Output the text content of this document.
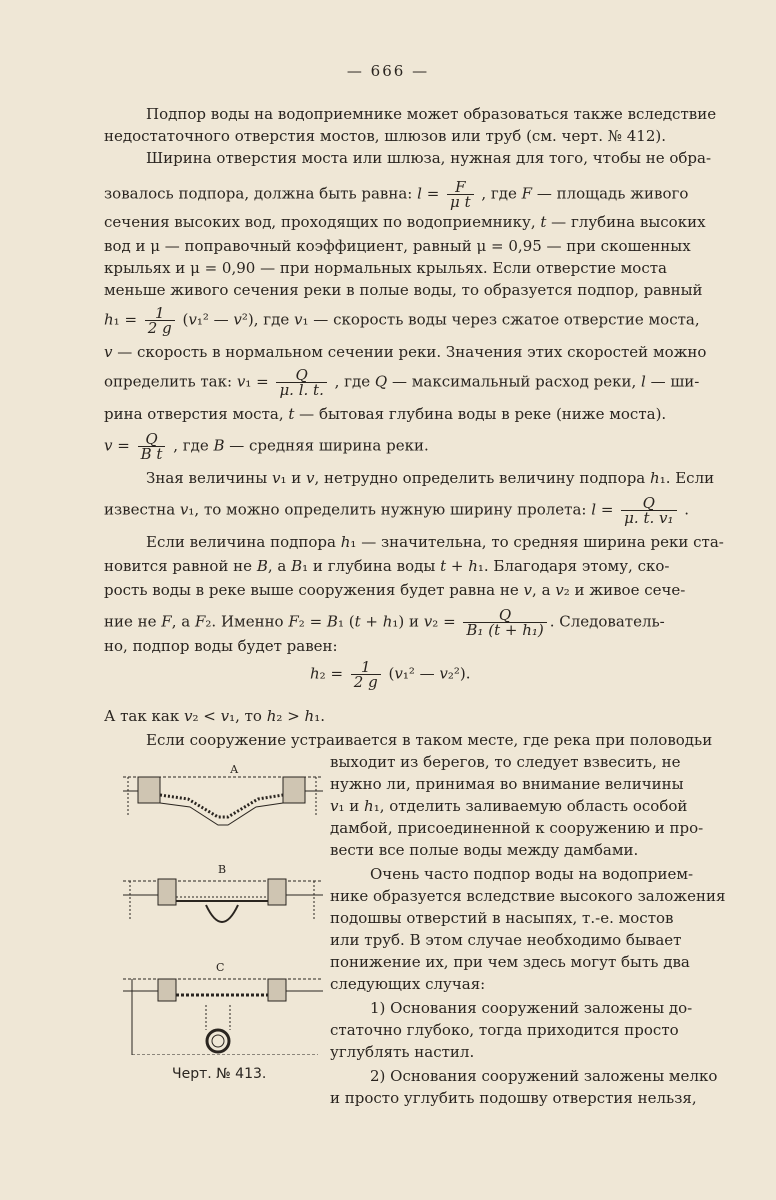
— 666 —
Подпор воды на водоприемнике может образоваться также вследствие
недостаточного отверстия мостов, шлюзов или труб (см. черт. № 412).
Ширина отверстия моста или шлюза, нужная для того, чтобы не обра-
зовалось подпора, должна быть равна: $l = \frac{F}{\text{μ t}}$ , где F — площадь живого
сечения высоких вод, проходящих по водоприемнику, t — глубина высоких
вод и μ — поправочный коэффициент, равный μ = 0,95 — при скошенных
крыльях и μ = 0,90 — при нормальных крыльях. Если отверстие моста
меньше живого сечения реки в полые воды, то образуется подпор, равный
$h_1 = \frac{1}{2 g} (v_1^2$ — v²), где v₁ — скорость воды через сжатое отверстие моста,
v — скорость в нормальном сечении реки. Значения этих скоростей можно
определить так: $v_1 = \frac{Q}{\mu. l. t.}$ , где Q — максимальный расход реки, l — ши-
рина отверстия моста, t — бытовая глубина воды в реке (ниже моста).
$v = \frac{Q}{\text{B t}}$ , где B — средняя ширина реки.
Зная величины v₁ и v, нетрудно определить величину подпора h₁. Если
известна v₁, то можно определить нужную ширину пролета: $l = \frac{Q}{\text{μ. t. v₁}}$ .
Если величина подпора h₁ — значительна, то средняя ширина реки ста-
новится равной не B, а B₁ и глубина воды t + h₁. Благодаря этому, ско-
рость воды в реке выше сооружения будет равна не v, а v₂ и живое сече-
ние не F, а F₂. Именно F₂ = B₁ (t + h₁) и $v_2 = \frac{Q}{\text{B₁ (t + h₁)}}$ . Следователь-
но, подпор воды будет равен:
$h_2 = \frac{1}{2 g} (v_1^2$ — v₂²).
А так как v₂ < v₁, то h₂ > h₁.
Если сооружение устраивается в таком месте, где река при половодьи
выходит из берегов, то следует взвесить, не
нужно ли, принимая во внимание величины
v₁ и h₁, отделить заливаемую область особой
дамбой, присоединенной к сооружению и про-
вести все полые воды между дамбами.
Очень часто подпор воды на водоприем-
нике образуется вследствие высокого заложения
подошвы отверстий в насыпях, т.-е. мостов
или труб. В этом случае необходимо бывает
понижение их, при чем здесь могут быть два
следующих случая:
1) Основания сооружений заложены до-
статочно глубоко, тогда приходится просто
углублять настил.
2) Основания сооружений заложены мелко
и просто углубить подошву отверстия нельзя,
А
В
С
Черт. № 413.
